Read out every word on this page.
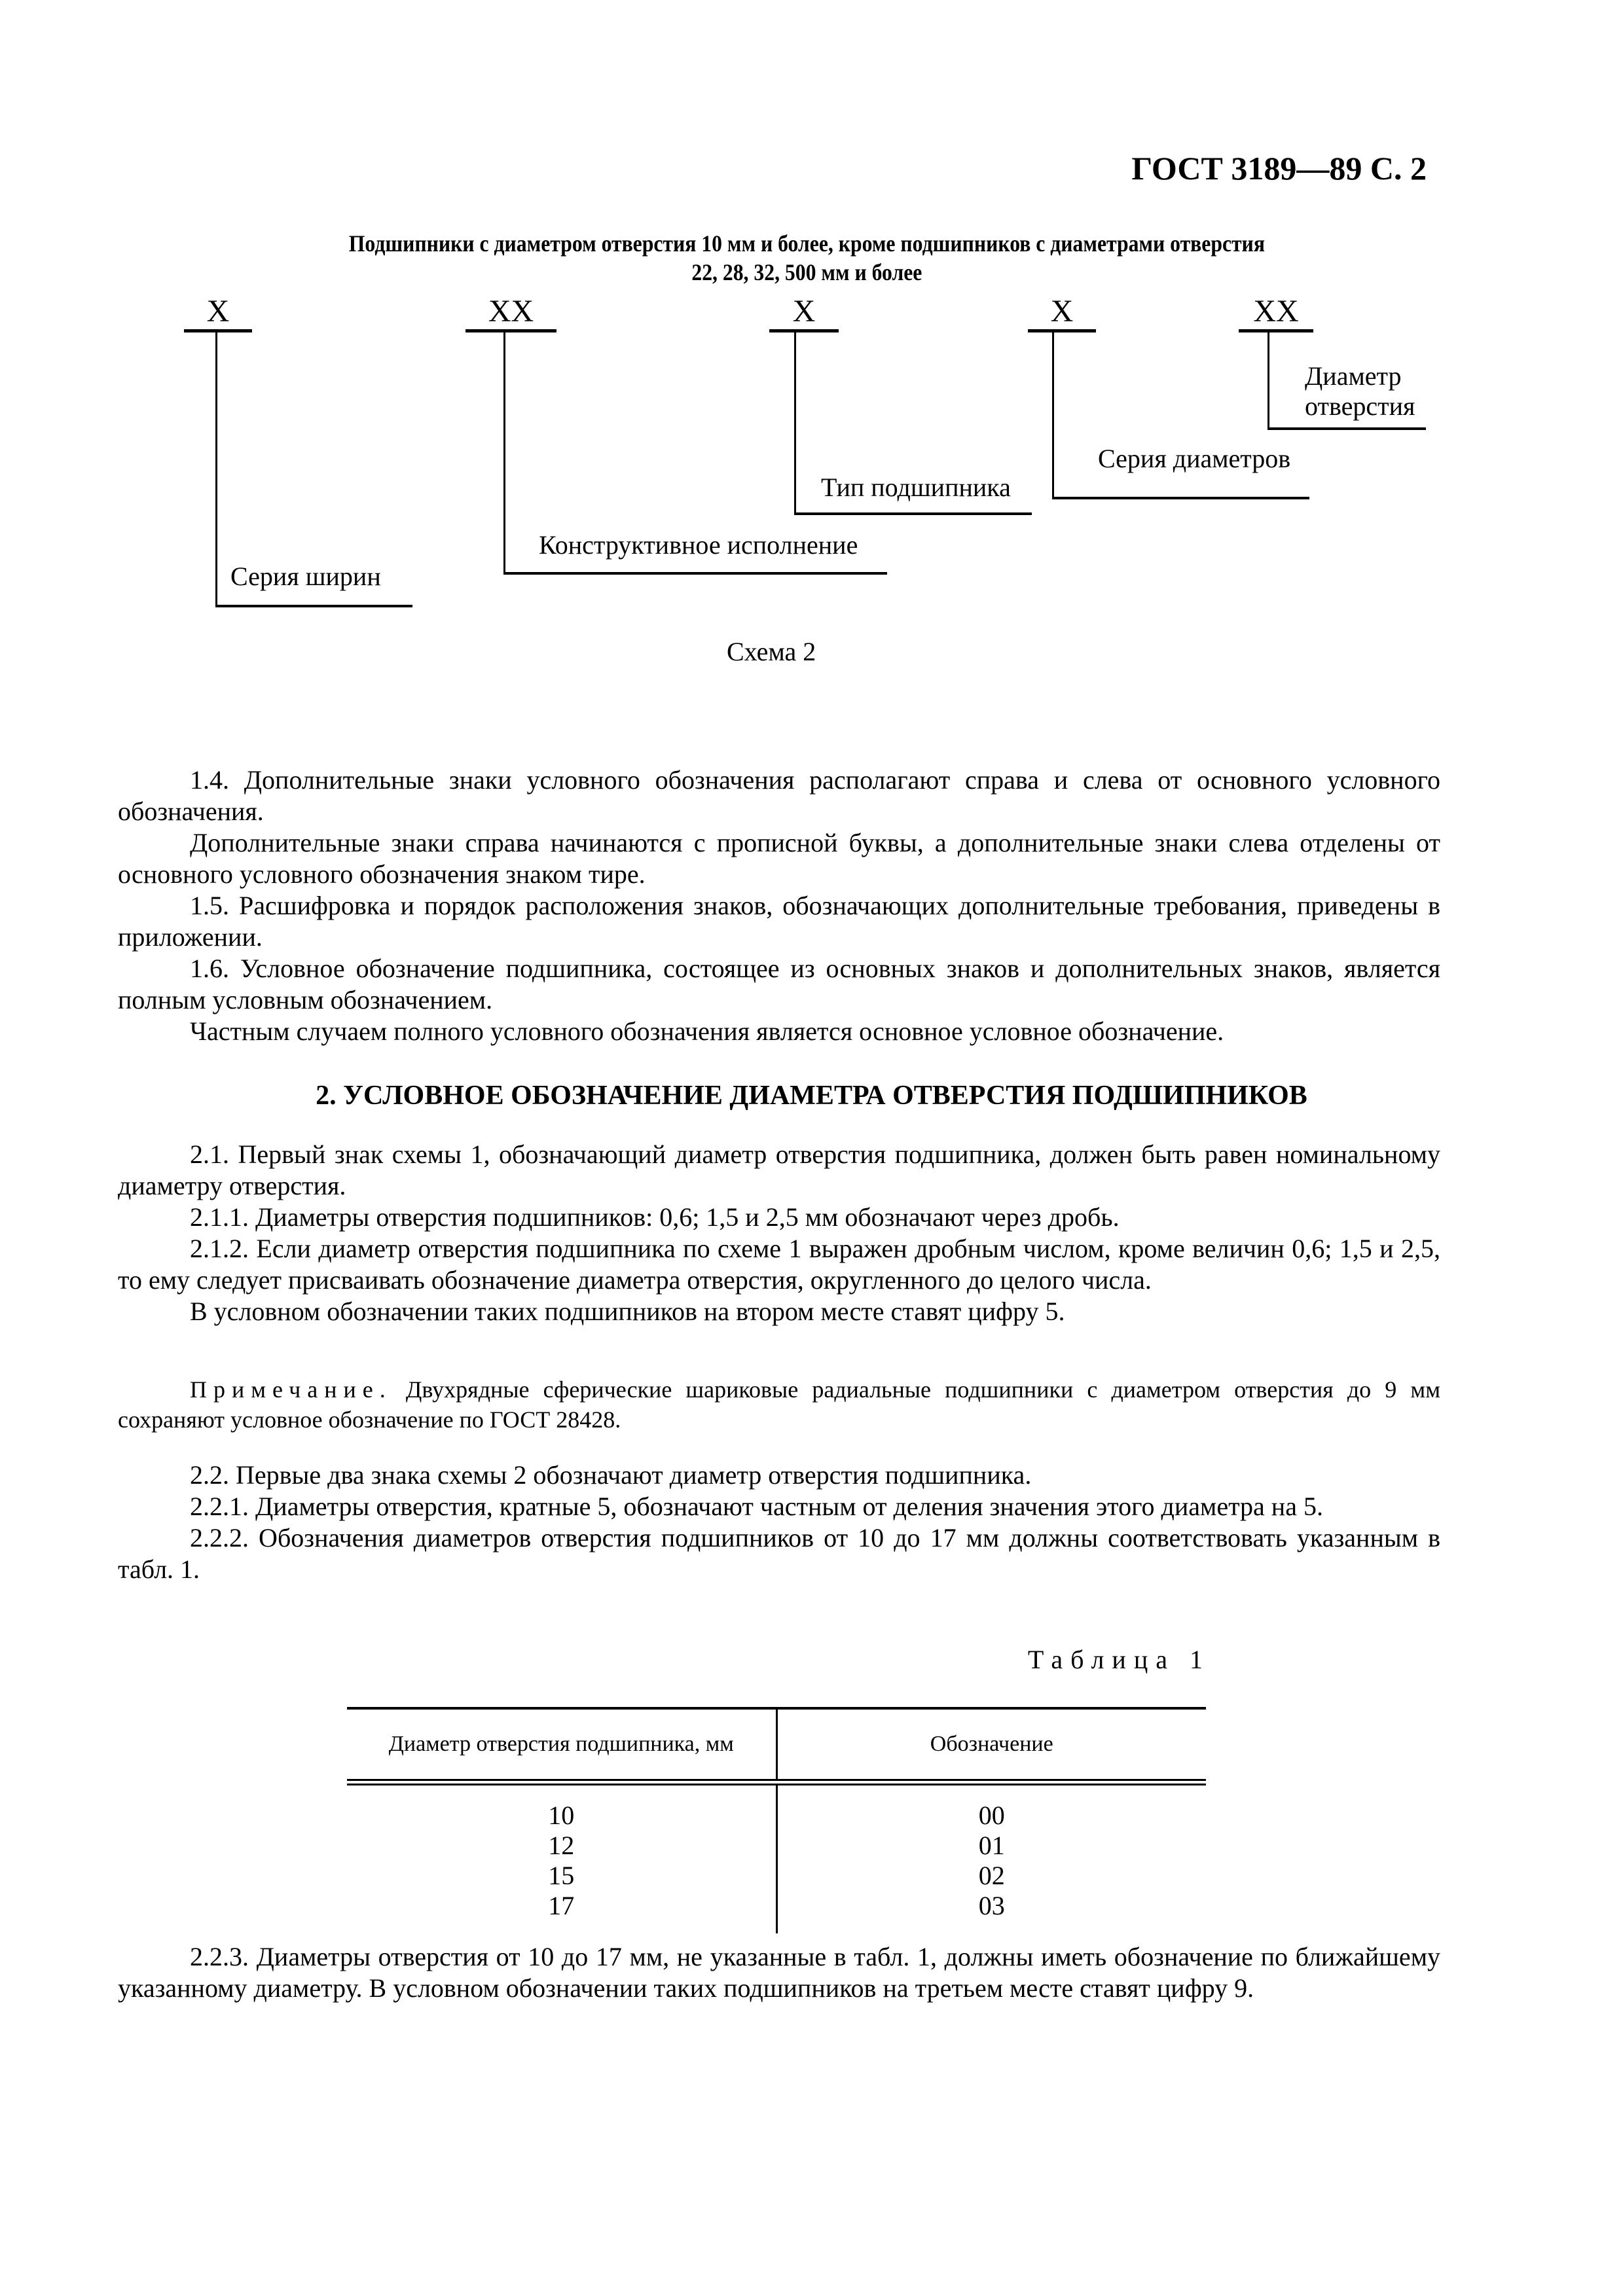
ГОСТ 3189—89 С. 2
Подшипники с диаметром отверстия 10 мм и более, кроме подшипников с диаметрами отверстия
22, 28, 32, 500 мм и более
X
Серия ширин
XX
Конструктивное исполнение
X
Тип подшипника
X
Серия диаметров
XX
Диаметр
отверстия
Схема 2

1.4. Дополнительные знаки условного обозначения располагают справа и слева от основного условного обозначения.

Дополнительные знаки справа начинаются с прописной буквы, а дополнительные знаки слева отделены от основного условного обозначения знаком тире.

1.5. Расшифровка и порядок расположения знаков, обозначающих дополнительные требования, приведены в приложении.

1.6. Условное обозначение подшипника, состоящее из основных знаков и дополнительных знаков, является полным условным обозначением.

Частным случаем полного условного обозначения является основное условное обозначение.

2. УСЛОВНОЕ ОБОЗНАЧЕНИЕ ДИАМЕТРА ОТВЕРСТИЯ ПОДШИПНИКОВ

2.1. Первый знак схемы 1, обозначающий диаметр отверстия подшипника, должен быть равен номинальному диаметру отверстия.

2.1.1. Диаметры отверстия подшипников: 0,6; 1,5 и 2,5 мм обозначают через дробь.

2.1.2. Если диаметр отверстия подшипника по схеме 1 выражен дробным числом, кроме величин 0,6; 1,5 и 2,5, то ему следует присваивать обозначение диаметра отверстия, округленного до целого числа.

В условном обозначении таких подшипников на втором месте ставят цифру 5.

Примечание. Двухрядные сферические шариковые радиальные подшипники с диаметром отверстия до 9 мм сохраняют условное обозначение по ГОСТ 28428.

2.2. Первые два знака схемы 2 обозначают диаметр отверстия подшипника.

2.2.1. Диаметры отверстия, кратные 5, обозначают частным от деления значения этого диаметра на 5.

2.2.2. Обозначения диаметров отверстия подшипников от 10 до 17 мм должны соответствовать указанным в табл. 1.

Таблица 1
Диаметр отверстия подшипника, мм	Обозначение
10	00
12	01
15	02
17	03

2.2.3. Диаметры отверстия от 10 до 17 мм, не указанные в табл. 1, должны иметь обозначение по ближайшему указанному диаметру. В условном обозначении таких подшипников на третьем месте ставят цифру 9.
